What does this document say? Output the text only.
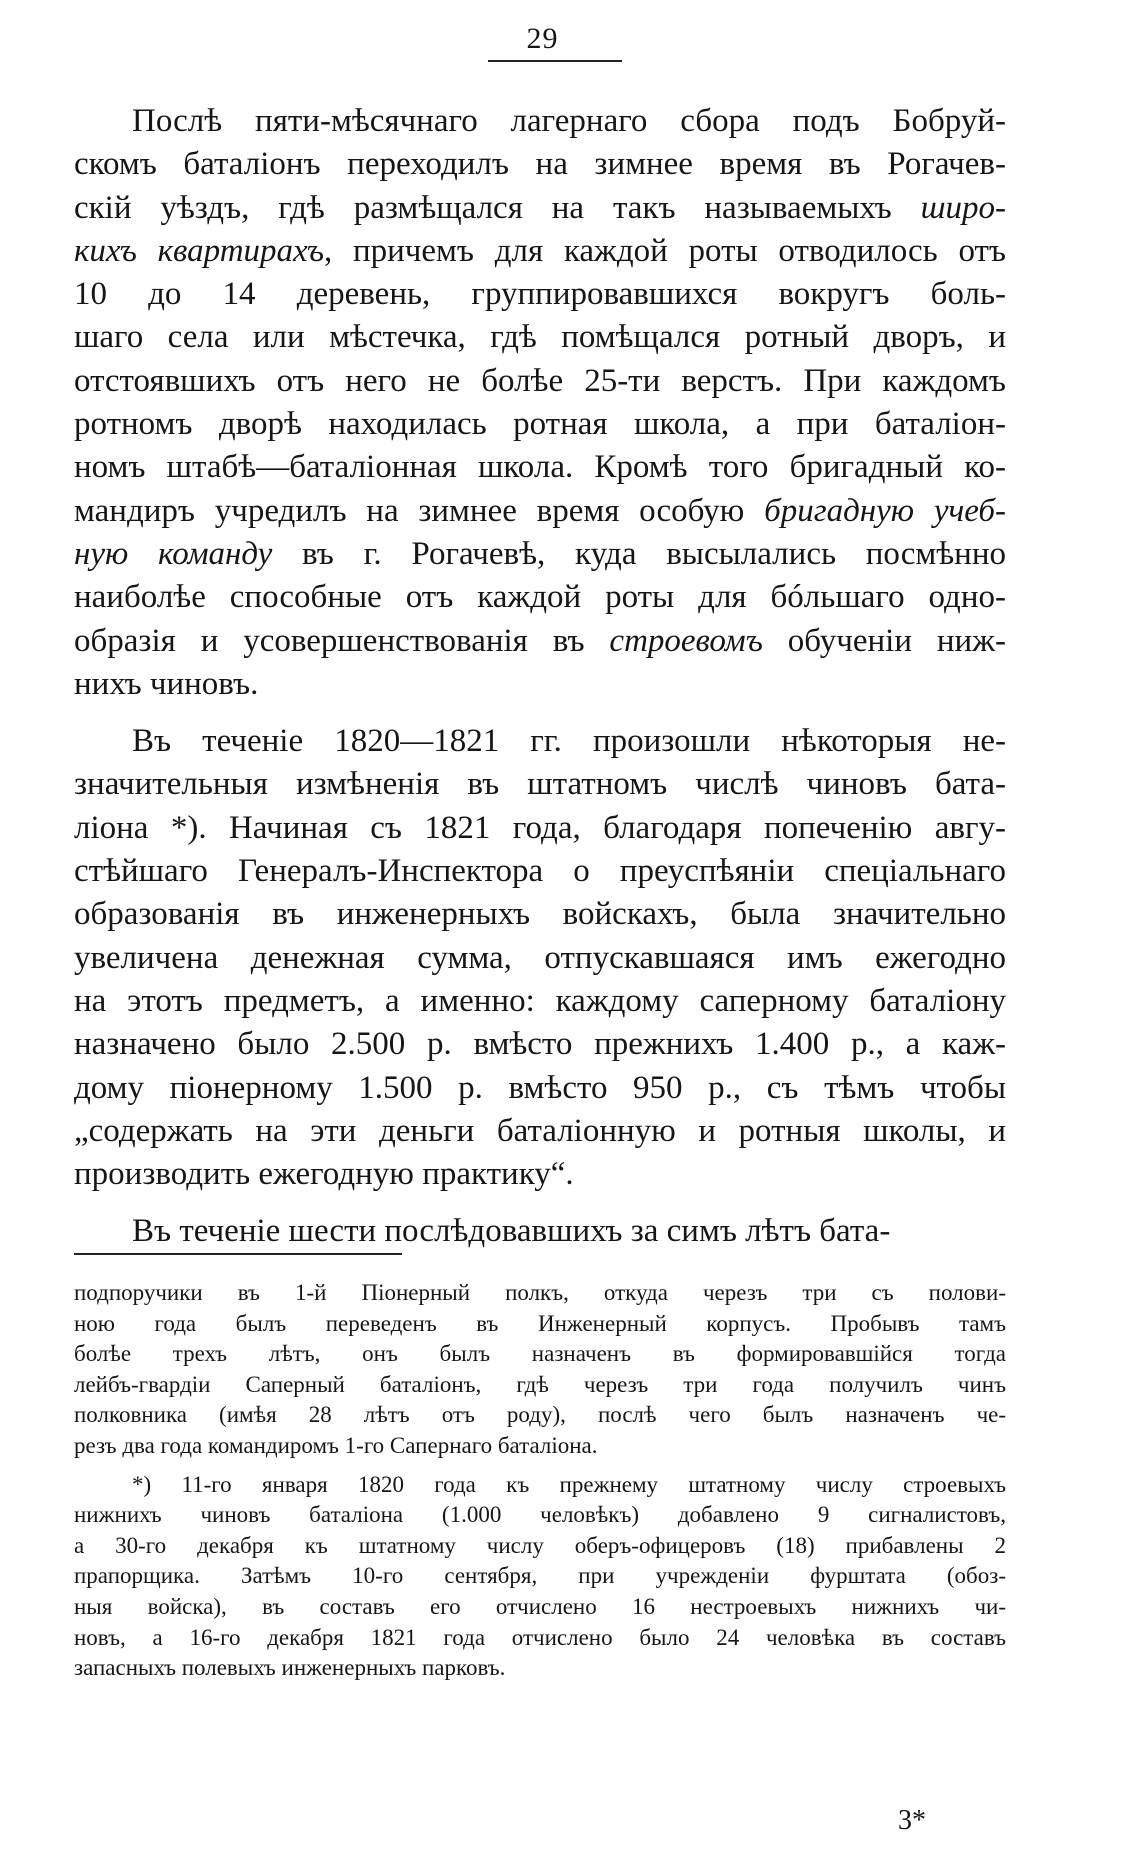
29
Послѣ пяти-мѣсячнаго лагернаго сбора подъ Бобруй-
скомъ баталіонъ переходилъ на зимнее время въ Рогачев-
скій уѣздъ, гдѣ размѣщался на такъ называемыхъ широ-
кихъ квартирахъ, причемъ для каждой роты отводилось отъ
10 до 14 деревень, группировавшихся вокругъ боль-
шаго села или мѣстечка, гдѣ помѣщался ротный дворъ, и
отстоявшихъ отъ него не болѣе 25-ти верстъ. При каждомъ
ротномъ дворѣ находилась ротная школа, а при баталіон-
номъ штабѣ—баталіонная школа. Кромѣ того бригадный ко-
мандиръ учредилъ на зимнее время особую бригадную учеб-
ную команду въ г. Рогачевѣ, куда высылались посмѣнно
наиболѣе способные отъ каждой роты для бóльшаго одно-
образія и усовершенствованія въ строевомъ обученіи ниж-
нихъ чиновъ.
Въ теченіе 1820—1821 гг. произошли нѣкоторыя не-
значительныя измѣненія въ штатномъ числѣ чиновъ бата-
ліона *). Начиная съ 1821 года, благодаря попеченію авгу-
стѣйшаго Генералъ-Инспектора о преуспѣяніи спеціальнаго
образованія въ инженерныхъ войскахъ, была значительно
увеличена денежная сумма, отпускавшаяся имъ ежегодно
на этотъ предметъ, а именно: каждому саперному баталіону
назначено было 2.500 р. вмѣсто прежнихъ 1.400 р., а каж-
дому піонерному 1.500 р. вмѣсто 950 р., съ тѣмъ чтобы
„содержать на эти деньги баталіонную и ротныя школы, и
производить ежегодную практику“.
Въ теченіе шести послѣдовавшихъ за симъ лѣтъ бата-
подпоручики въ 1-й Піонерный полкъ, откуда черезъ три съ полови-
ною года былъ переведенъ въ Инженерный корпусъ. Пробывъ тамъ
болѣе трехъ лѣтъ, онъ былъ назначенъ въ формировавшійся тогда
лейбъ-гвардіи Саперный баталіонъ, гдѣ черезъ три года получилъ чинъ
полковника (имѣя 28 лѣтъ отъ роду), послѣ чего былъ назначенъ че-
резъ два года командиромъ 1-го Сапернаго баталіона.
*) 11-го января 1820 года къ прежнему штатному числу строевыхъ
нижнихъ чиновъ баталіона (1.000 человѣкъ) добавлено 9 сигналистовъ,
а 30-го декабря къ штатному числу оберъ-офицеровъ (18) прибавлены 2
прапорщика. Затѣмъ 10-го сентября, при учрежденіи фурштата (обоз-
ныя войска), въ составъ его отчислено 16 нестроевыхъ нижнихъ чи-
новъ, а 16-го декабря 1821 года отчислено было 24 человѣка въ составъ
запасныхъ полевыхъ инженерныхъ парковъ.
3*
